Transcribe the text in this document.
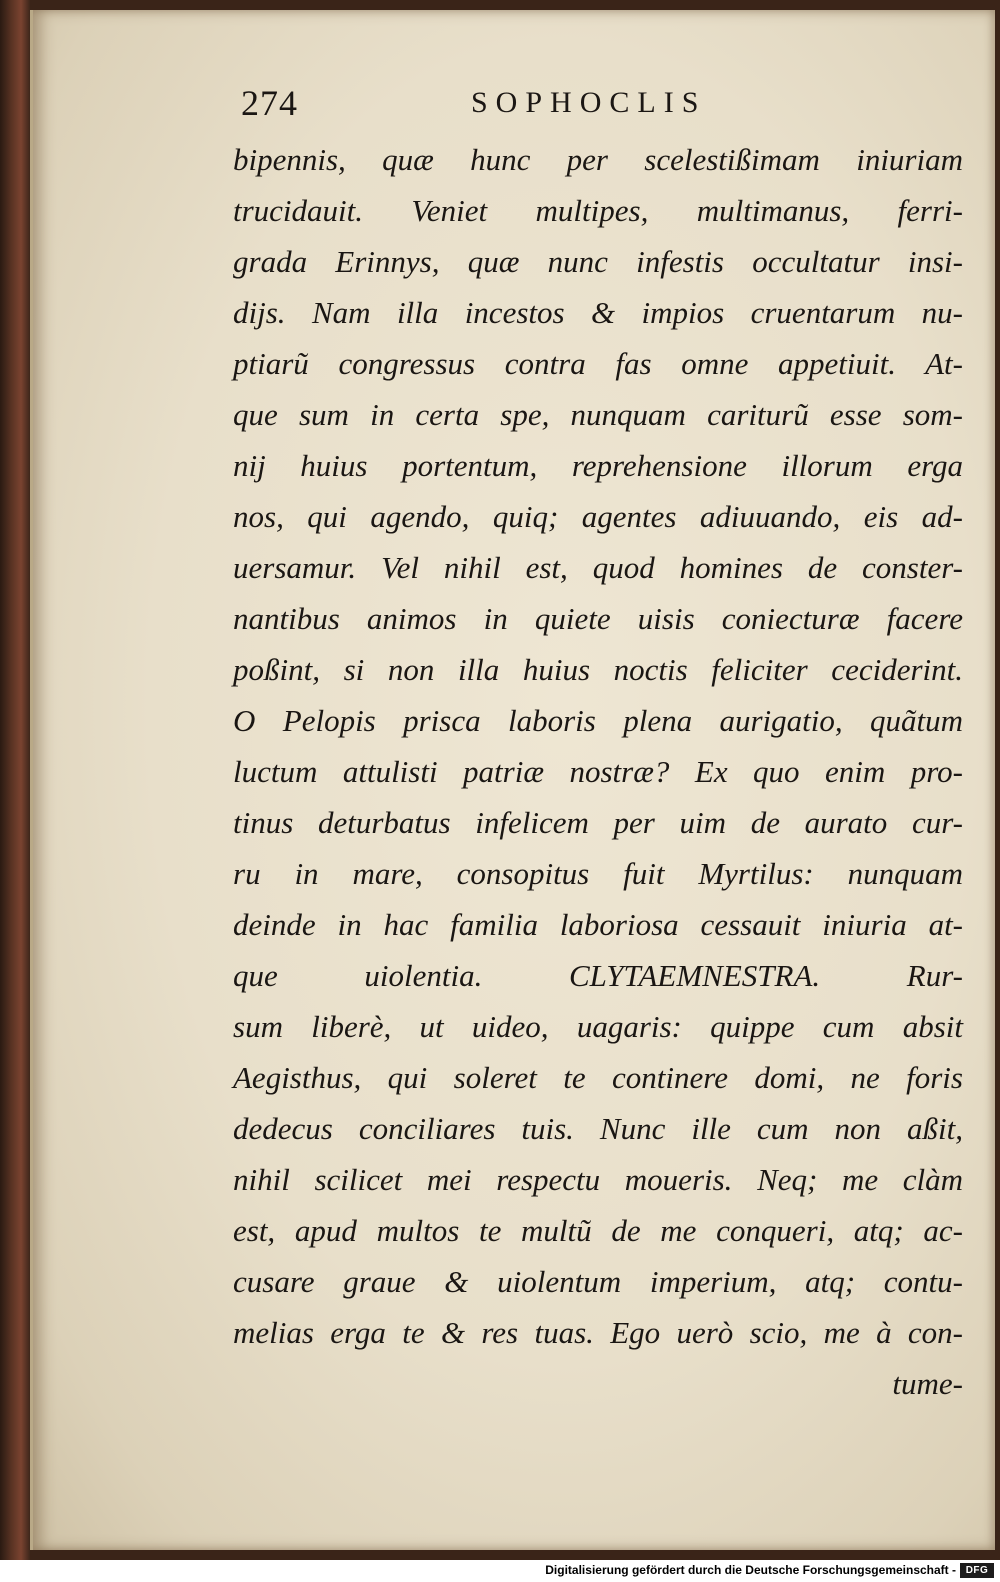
274	SOPHOCLIS
bipennis, quæ hunc per scelestißimam iniuriam
trucidauit. Veniet multipes, multimanus, ferri-
grada Erinnys, quæ nunc infestis occultatur insi-
dijs. Nam illa incestos & impios cruentarum nu-
ptiarũ congressus contra fas omne appetiuit. At-
que sum in certa spe, nunquam cariturũ esse som-
nij huius portentum, reprehensione illorum erga
nos, qui agendo, quiq; agentes adiuuando, eis ad-
uersamur. Vel nihil est, quod homines de conster-
nantibus animos in quiete uisis coniecturæ facere
poßint, si non illa huius noctis feliciter ceciderint.
O Pelopis prisca laboris plena aurigatio, quãtum
luctum attulisti patriæ nostræ? Ex quo enim pro-
tinus deturbatus infelicem per uim de aurato cur-
ru in mare, consopitus fuit Myrtilus: nunquam
deinde in hac familia laboriosa cessauit iniuria at-
que uiolentia. CLYTAEMNESTRA. Rur-
sum liberè, ut uideo, uagaris: quippe cum absit
Aegisthus, qui soleret te continere domi, ne foris
dedecus conciliares tuis. Nunc ille cum non aßit,
nihil scilicet mei respectu moueris. Neq; me clàm
est, apud multos te multũ de me conqueri, atq; ac-
cusare graue & uiolentum imperium, atq; contu-
melias erga te & res tuas. Ego uerò scio, me à con-
tume-
Digitalisierung gefördert durch die Deutsche Forschungsgemeinschaft - DFG
